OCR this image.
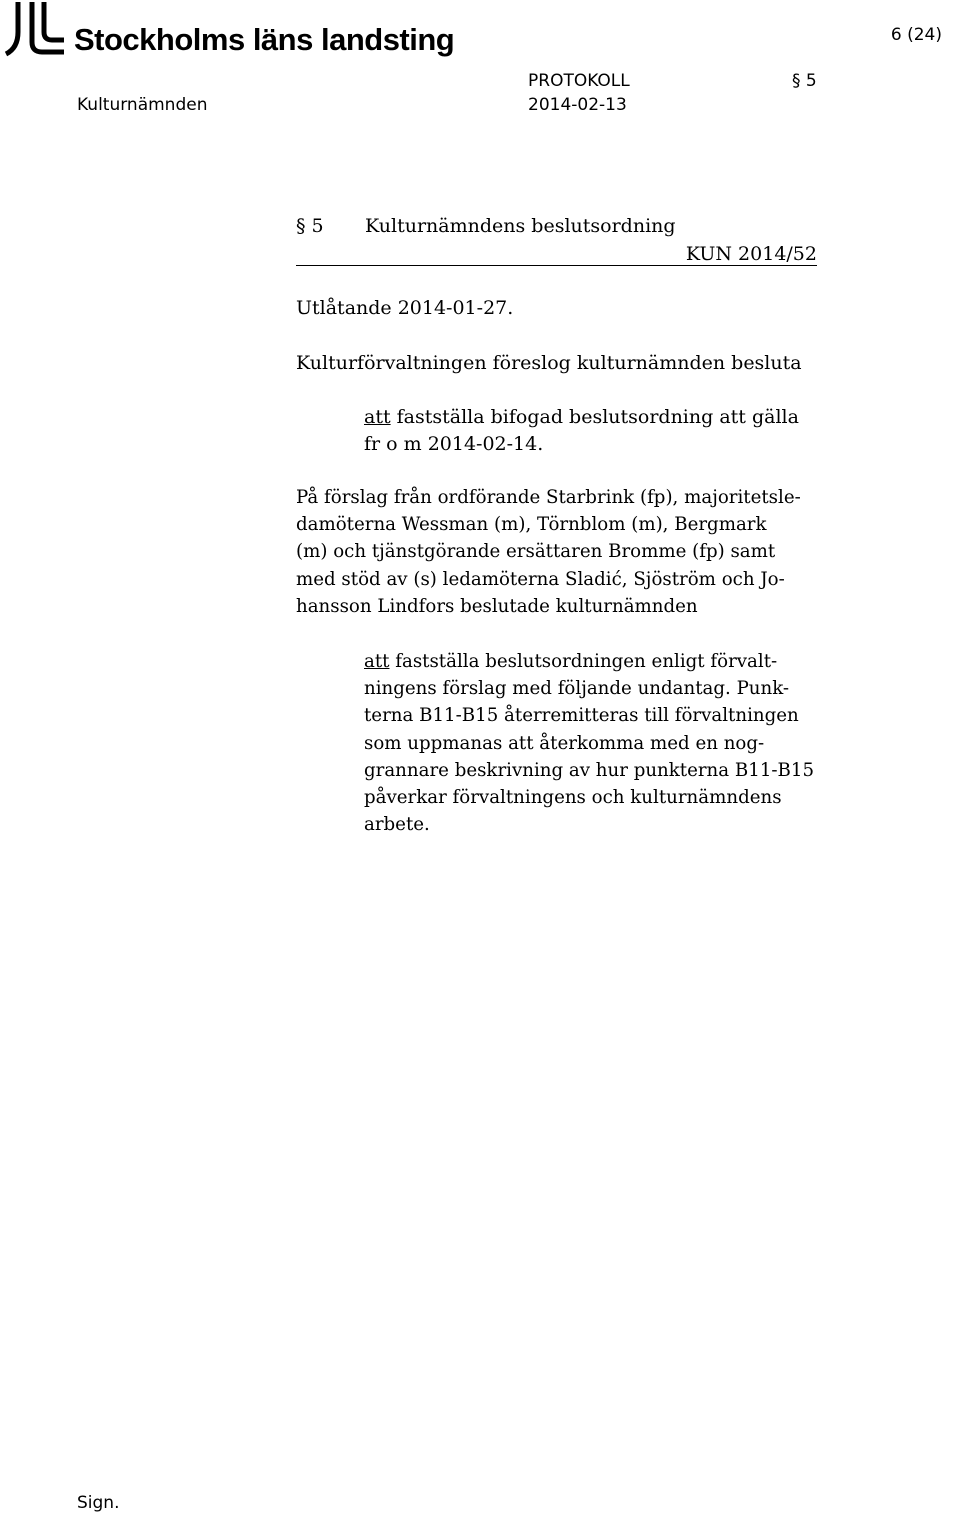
Stockholms läns landsting	6 (24)
Kulturnämnden
PROTOKOLL
2014-02-13
§ 5
§ 5 Kulturnämndens beslutsordning
KUN 2014/52

Utlåtande 2014-01-27.

Kulturförvaltningen föreslog kulturnämnden besluta

att fastställa bifogad beslutsordning att gälla
fr o m 2014-02-14.

På förslag från ordförande Starbrink (fp), majoritetsle-
damöterna Wessman (m), Törnblom (m), Bergmark
(m) och tjänstgörande ersättaren Bromme (fp) samt
med stöd av (s) ledamöterna Sladić, Sjöström och Jo-
hansson Lindfors beslutade kulturnämnden

att fastställa beslutsordningen enligt förvalt-
ningens förslag med följande undantag. Punk-
terna B11-B15 återremitteras till förvaltningen
som uppmanas att återkomma med en nog-
grannare beskrivning av hur punkterna B11-B15
påverkar förvaltningens och kulturnämndens
arbete.

Sign.
